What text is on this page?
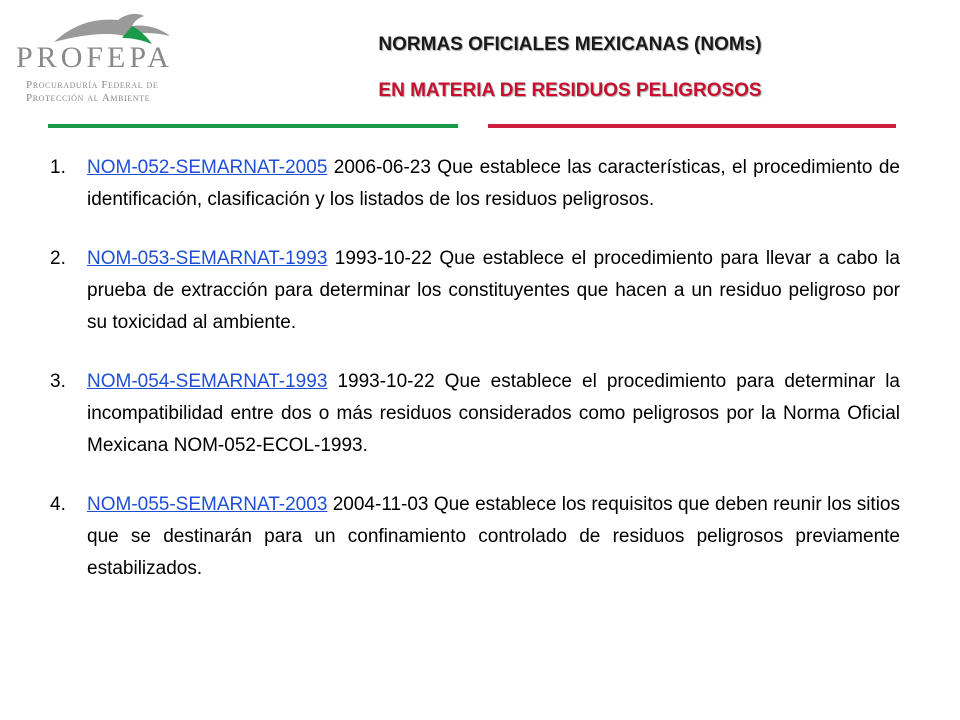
PROFEPA
Procuraduría Federal de
Protección al Ambiente
NORMAS OFICIALES MEXICANAS (NOMs)
EN MATERIA DE RESIDUOS PELIGROSOS
1. NOM-052-SEMARNAT-2005 2006-06-23 Que establece las características, el procedimiento de identificación, clasificación y los listados de los residuos peligrosos.
2. NOM-053-SEMARNAT-1993 1993-10-22 Que establece el procedimiento para llevar a cabo la prueba de extracción para determinar los constituyentes que hacen a un residuo peligroso por su toxicidad al ambiente.
3. NOM-054-SEMARNAT-1993 1993-10-22 Que establece el procedimiento para determinar la incompatibilidad entre dos o más residuos considerados como peligrosos por la Norma Oficial Mexicana NOM-052-ECOL-1993.
4. NOM-055-SEMARNAT-2003 2004-11-03 Que establece los requisitos que deben reunir los sitios que se destinarán para un confinamiento controlado de residuos peligrosos previamente estabilizados.
